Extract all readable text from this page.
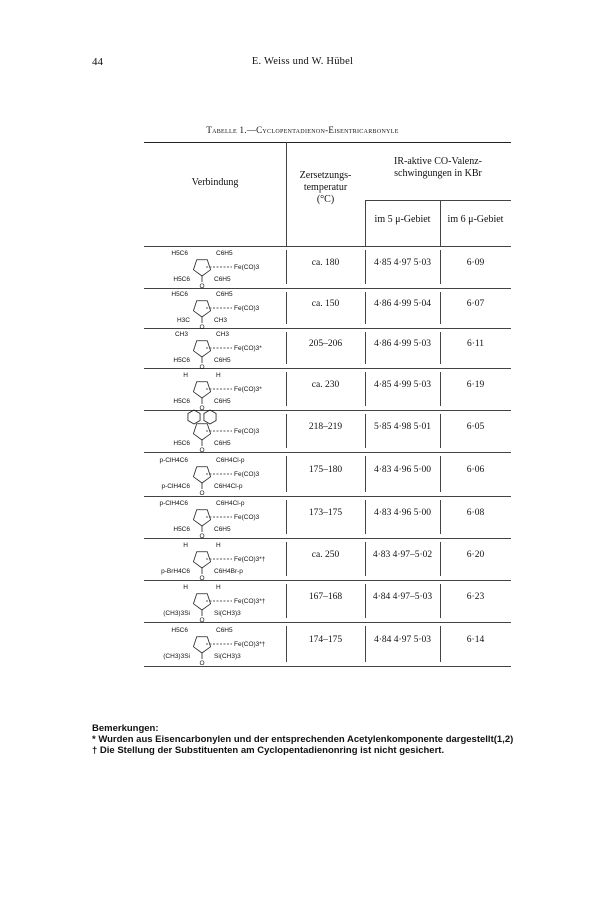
44	E. Weiss und W. Hübel
Tabelle 1.—Cyclopentadienon-Eisentricarbonyle
Verbindung
Zersetzungs-
temperatur
(°C)
IR-aktive CO-Valenz-
schwingungen in KBr
im 5 μ-Gebiet	im 6 μ-Gebiet
H5C6	C6H5
H5C6	C6H5
Fe(CO)3
O
ca. 180	4·85 4·97 5·03	6·09
H5C6	C6H5
H3C	CH3
Fe(CO)3
O
ca. 150	4·86 4·99 5·04	6·07
CH3	CH3
H5C6	C6H5
Fe(CO)3*
O
205–206	4·86 4·99 5·03	6·11
H	H
H5C6	C6H5
Fe(CO)3*
O
ca. 230	4·85 4·99 5·03	6·19
H5C6	C6H5
Fe(CO)3
O
218–219	5·85 4·98 5·01	6·05
p-ClH4C6	C6H4Cl-p
p-ClH4C6	C6H4Cl-p
Fe(CO)3
O
175–180	4·83 4·96 5·00	6·06
p-ClH4C6	C6H4Cl-p
H5C6	C6H5
Fe(CO)3
O
173–175	4·83 4·96 5·00	6·08
H	H
p-BrH4C6	C6H4Br-p
Fe(CO)3*†
O
ca. 250	4·83 4·97–5·02	6·20
H	H
(CH3)3Si	Si(CH3)3
Fe(CO)3*†
O
167–168	4·84 4·97–5·03	6·23
H5C6	C6H5
(CH3)3Si	Si(CH3)3
Fe(CO)3*†
O
174–175	4·84 4·97 5·03	6·14
Bemerkungen:
* Wurden aus Eisencarbonylen und der entsprechenden Acetylenkomponente dargestellt(1,2)
† Die Stellung der Substituenten am Cyclopentadienonring ist nicht gesichert.
